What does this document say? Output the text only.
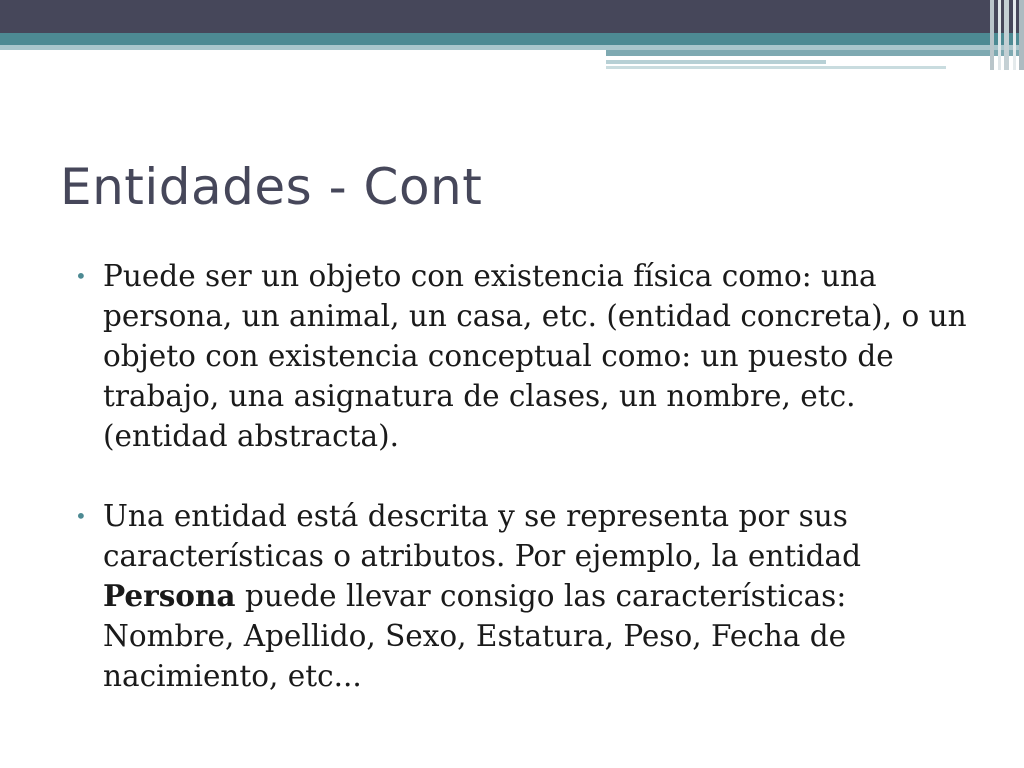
Entidades - Cont
• Puede ser un objeto con existencia física como: una persona, un animal, un casa, etc. (entidad concreta), o un objeto con existencia conceptual como: un puesto de trabajo, una asignatura de clases, un nombre, etc. (entidad abstracta).
• Una entidad está descrita y se representa por sus características o atributos. Por ejemplo, la entidad Persona puede llevar consigo las características: Nombre, Apellido, Sexo, Estatura, Peso, Fecha de nacimiento, etc...
